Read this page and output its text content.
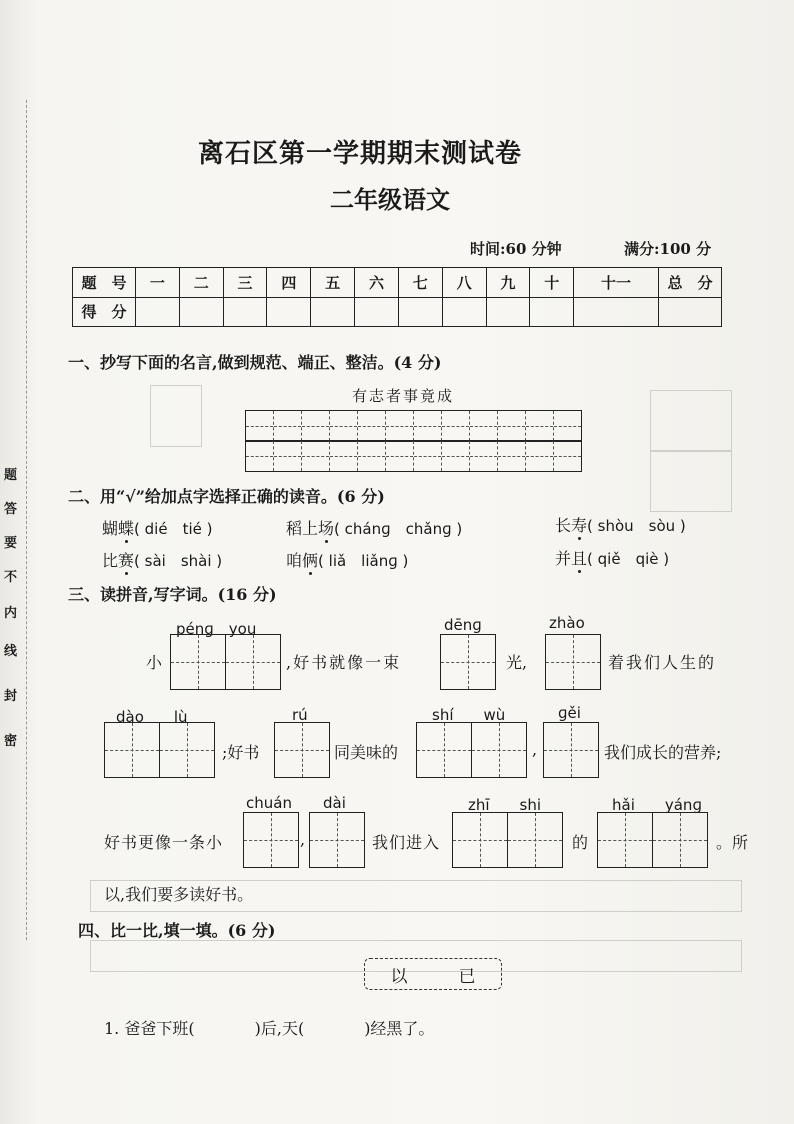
密
封
线
内
不
要
答
题
离石区第一学期期末测试卷
二年级语文
时间:60 分钟	满分:100 分
题　号	一	二	三	四	五	六	七	八	九	十	十一	总　分
得　分												
一、抄写下面的名言,做到规范、端正、整洁。(4 分)
有志者事竟成
二、用“√”给加点字选择正确的读音。(6 分)
蝴蝶( dié　tié )	稻上场( chánɡ　chǎnɡ )	长寿( shòu　sòu )
比赛( sài　shài )	咱俩( liǎ　liǎnɡ )	并且( qiě　qiè )
三、读拼音,写字词。(16 分)
pénɡ　you	dēnɡ	zhào
小	,好书就像一束	光,	着我们人生的
dào　　lù	rú	shí　　wù	ɡěi
;好书	同美味的	,	我们成长的营养;
chuán dài	zhī　　shi	hǎi　　yánɡ
好书更像一条小	,	我们进入	的	。所
以,我们要多读好书。
四、比一比,填一填。(6 分)
以	已
1. 爸爸下班(	)后,天(	)经黑了。
